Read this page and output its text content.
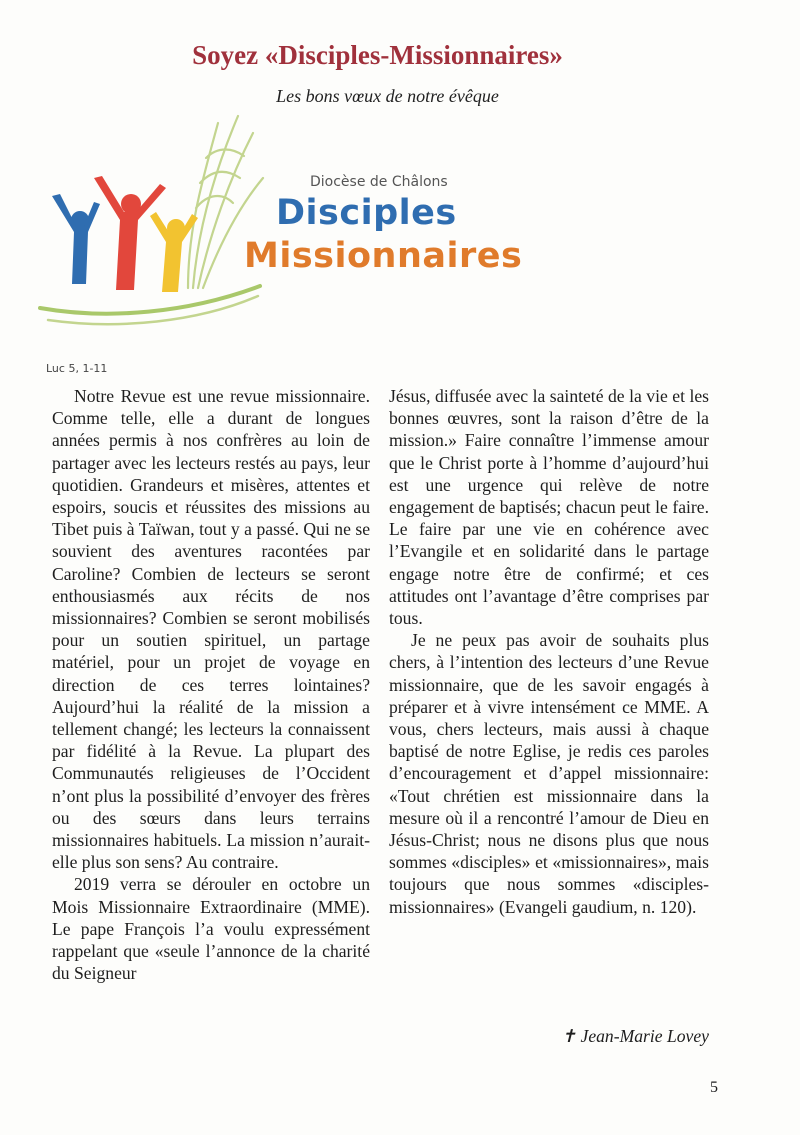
Soyez «Disciples-Missionnaires»
Les bons vœux de notre évêque
Diocèse de Châlons
Disciples
Missionnaires
Luc 5, 1-11

Notre Revue est une revue missionnaire. Comme telle, elle a durant de longues années permis à nos confrères au loin de partager avec les lecteurs restés au pays, leur quotidien. Grandeurs et misères, attentes et espoirs, soucis et réussites des missions au Tibet puis à Taïwan, tout y a passé. Qui ne se souvient des aventures racontées par Caroline? Combien de lecteurs se seront enthousiasmés aux récits de nos missionnaires? Combien se seront mobilisés pour un soutien spirituel, un partage matériel, pour un projet de voyage en direction de ces terres lointaines? Aujourd’hui la réalité de la mission a tellement changé; les lecteurs la connaissent par fidélité à la Revue. La plupart des Communautés religieuses de l’Occident n’ont plus la possibilité d’envoyer des frères ou des sœurs dans leurs terrains missionnaires habituels. La mission n’aurait-elle plus son sens? Au contraire.

2019 verra se dérouler en octobre un Mois Missionnaire Extraordinaire (MME). Le pape François l’a voulu expressément rappelant que «seule l’annonce de la charité du Seigneur

Jésus, diffusée avec la sainteté de la vie et les bonnes œuvres, sont la raison d’être de la mission.» Faire connaître l’immense amour que le Christ porte à l’homme d’aujourd’hui est une urgence qui relève de notre engagement de baptisés; chacun peut le faire. Le faire par une vie en cohérence avec l’Evangile et en solidarité dans le partage engage notre être de confirmé; et ces attitudes ont l’avantage d’être comprises par tous.

Je ne peux pas avoir de souhaits plus chers, à l’intention des lecteurs d’une Revue missionnaire, que de les savoir engagés à préparer et à vivre intensément ce MME. A vous, chers lecteurs, mais aussi à chaque baptisé de notre Eglise, je redis ces paroles d’encouragement et d’appel missionnaire: «Tout chrétien est missionnaire dans la mesure où il a rencontré l’amour de Dieu en Jésus-Christ; nous ne disons plus que nous sommes «disciples» et «missionnaires», mais toujours que nous sommes «disciples-missionnaires» (Evangeli gaudium, n. 120).

✝ Jean-Marie Lovey
5
